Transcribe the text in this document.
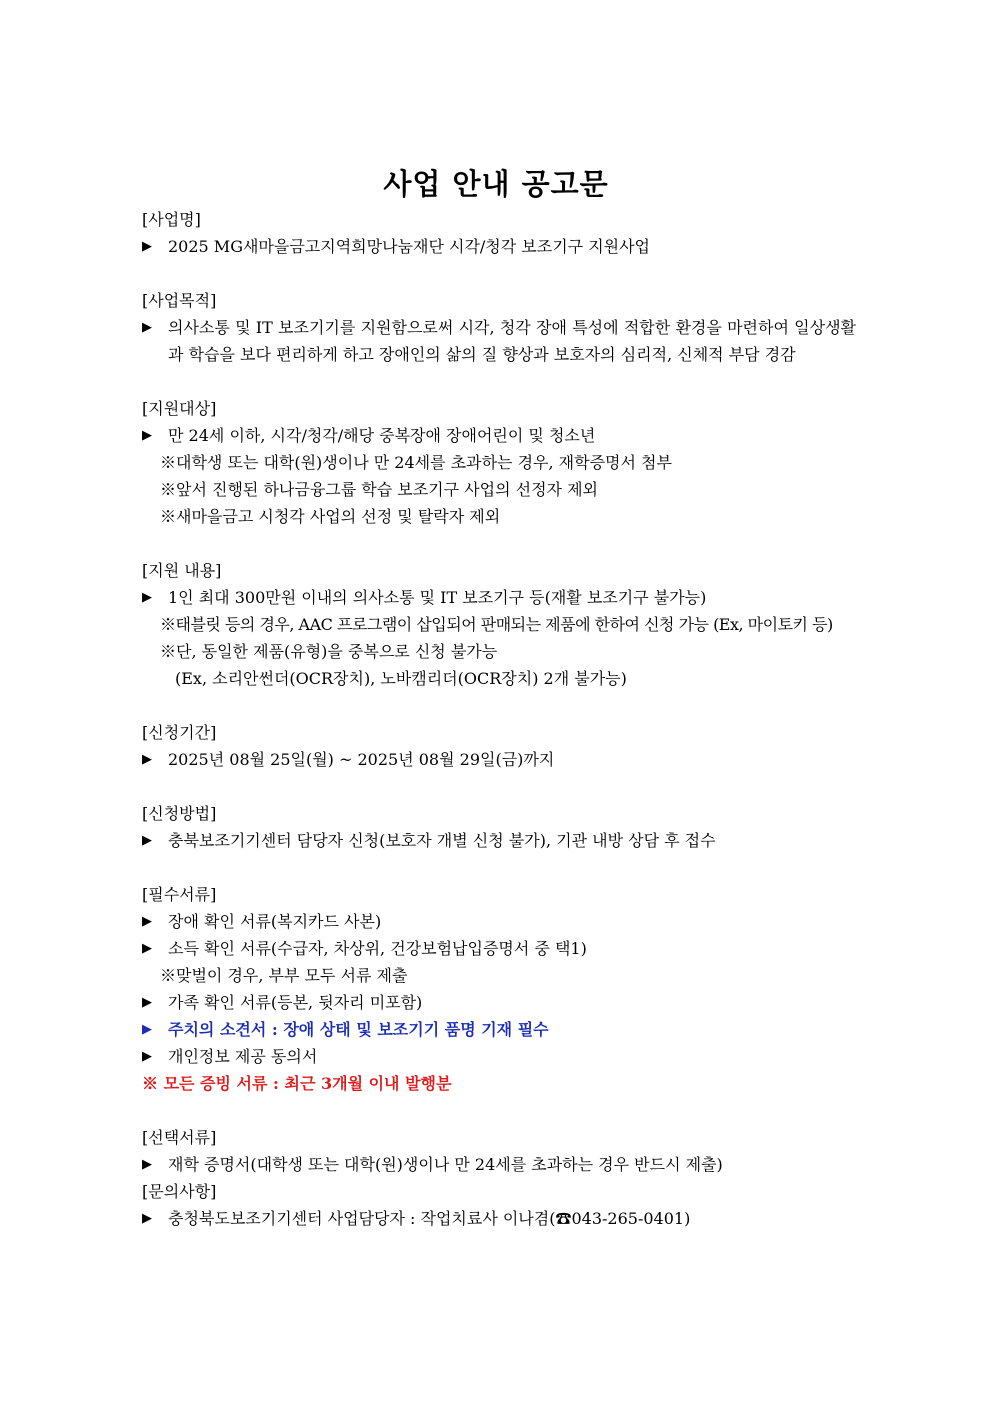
사업 안내 공고문
[사업명]
▶ 2025 MG새마을금고지역희망나눔재단 시각/청각 보조기구 지원사업
[사업목적]
▶ 의사소통 및 IT 보조기기를 지원함으로써 시각, 청각 장애 특성에 적합한 환경을 마련하여 일상생활과 학습을 보다 편리하게 하고 장애인의 삶의 질 향상과 보호자의 심리적, 신체적 부담 경감
[지원대상]
▶ 만 24세 이하, 시각/청각/해당 중복장애 장애어린이 및 청소년
※대학생 또는 대학(원)생이나 만 24세를 초과하는 경우, 재학증명서 첨부
※앞서 진행된 하나금융그룹 학습 보조기구 사업의 선정자 제외
※새마을금고 시청각 사업의 선정 및 탈락자 제외
[지원 내용]
▶ 1인 최대 300만원 이내의 의사소통 및 IT 보조기구 등(재활 보조기구 불가능)
※태블릿 등의 경우, AAC 프로그램이 삽입되어 판매되는 제품에 한하여 신청 가능 (Ex, 마이토키 등)
※단, 동일한 제품(유형)을 중복으로 신청 불가능
(Ex, 소리안썬더(OCR장치), 노바캠리더(OCR장치) 2개 불가능)
[신청기간]
▶ 2025년 08월 25일(월) ~ 2025년 08월 29일(금)까지
[신청방법]
▶ 충북보조기기센터 담당자 신청(보호자 개별 신청 불가), 기관 내방 상담 후 접수
[필수서류]
▶ 장애 확인 서류(복지카드 사본)
▶ 소득 확인 서류(수급자, 차상위, 건강보험납입증명서 중 택1)
※맞벌이 경우, 부부 모두 서류 제출
▶ 가족 확인 서류(등본, 뒷자리 미포함)
▶ 주치의 소견서 : 장애 상태 및 보조기기 품명 기재 필수
▶ 개인정보 제공 동의서
※ 모든 증빙 서류 : 최근 3개월 이내 발행분
[선택서류]
▶ 재학 증명서(대학생 또는 대학(원)생이나 만 24세를 초과하는 경우 반드시 제출)
[문의사항]
▶ 충청북도보조기기센터 사업담당자 : 작업치료사 이나겸(☎043-265-0401)
